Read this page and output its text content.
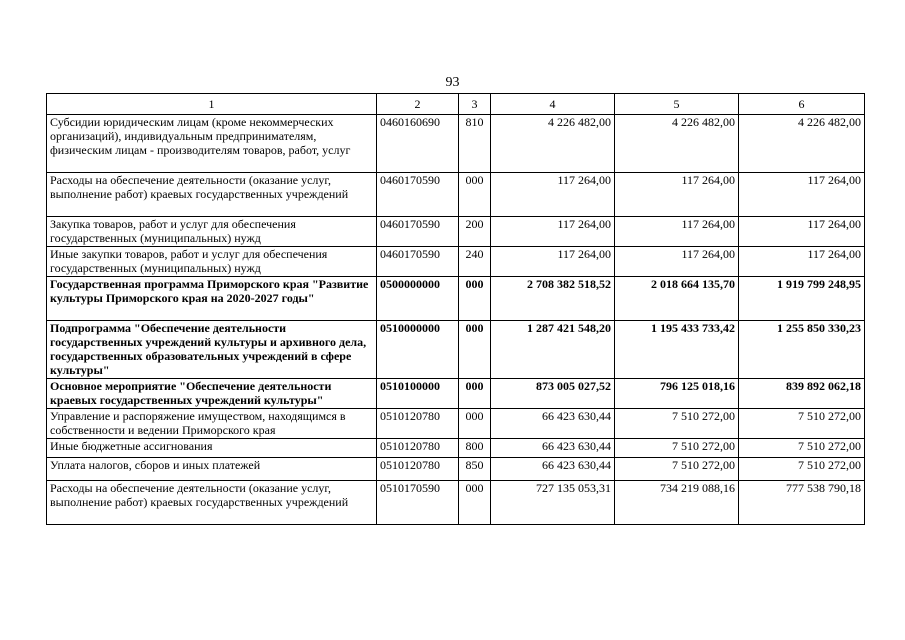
93
1	2	3	4	5	6
Субсидии юридическим лицам (кроме некоммерческих организаций), индивидуальным предпринимателям, физическим лицам - производителям товаров, работ, услуг	0460160690	810	4 226 482,00	4 226 482,00	4 226 482,00
Расходы на обеспечение деятельности (оказание услуг, выполнение работ) краевых государственных учреждений	0460170590	000	117 264,00	117 264,00	117 264,00
Закупка товаров, работ и услуг для обеспечения государственных (муниципальных) нужд	0460170590	200	117 264,00	117 264,00	117 264,00
Иные закупки товаров, работ и услуг для обеспечения государственных (муниципальных) нужд	0460170590	240	117 264,00	117 264,00	117 264,00
Государственная программа Приморского края "Развитие культуры Приморского края на 2020-2027 годы"	0500000000	000	2 708 382 518,52	2 018 664 135,70	1 919 799 248,95
Подпрограмма "Обеспечение деятельности государственных учреждений культуры и архивного дела, государственных образовательных учреждений в сфере культуры"	0510000000	000	1 287 421 548,20	1 195 433 733,42	1 255 850 330,23
Основное мероприятие "Обеспечение деятельности краевых государственных учреждений культуры"	0510100000	000	873 005 027,52	796 125 018,16	839 892 062,18
Управление и распоряжение имуществом, находящимся в собственности и ведении Приморского края	0510120780	000	66 423 630,44	7 510 272,00	7 510 272,00
Иные бюджетные ассигнования	0510120780	800	66 423 630,44	7 510 272,00	7 510 272,00
Уплата налогов, сборов и иных платежей	0510120780	850	66 423 630,44	7 510 272,00	7 510 272,00
Расходы на обеспечение деятельности (оказание услуг, выполнение работ) краевых государственных учреждений	0510170590	000	727 135 053,31	734 219 088,16	777 538 790,18
